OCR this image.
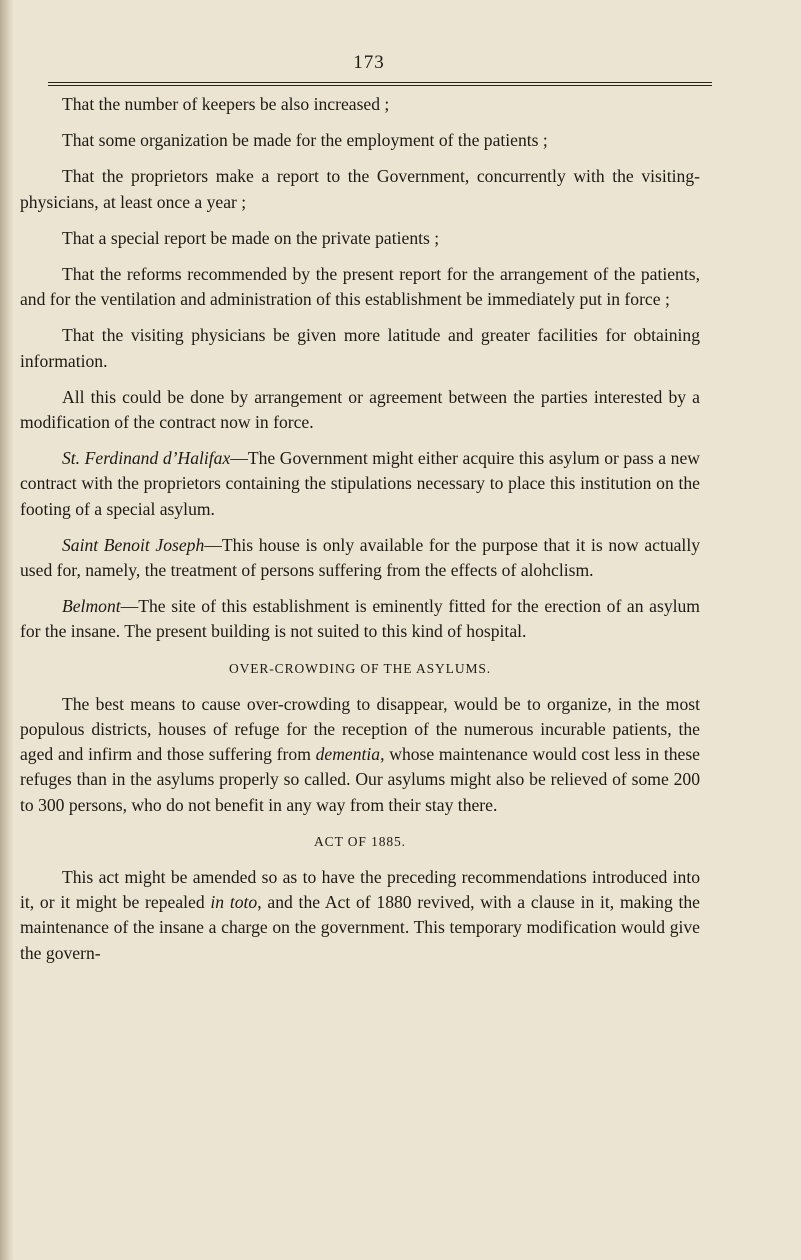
173

That the number of keepers be also increased ;

That some organization be made for the employment of the patients ;

That the proprietors make a report to the Government, concurrently with the visiting-physicians, at least once a year ;

That a special report be made on the private patients ;

That the reforms recommended by the present report for the arrangement of the patients, and for the ventilation and administration of this establishment be immediately put in force ;

That the visiting physicians be given more latitude and greater facilities for obtaining information.

All this could be done by arrangement or agreement between the parties interested by a modification of the contract now in force.

St. Ferdinand d’Halifax—The Government might either acquire this asylum or pass a new contract with the proprietors containing the stipulations necessary to place this institution on the footing of a special asylum.

Saint Benoit Joseph—This house is only available for the purpose that it is now actually used for, namely, the treatment of persons suffering from the effects of alohclism.

Belmont—The site of this establishment is eminently fitted for the erection of an asylum for the insane. The present building is not suited to this kind of hospital.

OVER-CROWDING OF THE ASYLUMS.

The best means to cause over-crowding to disappear, would be to organize, in the most populous districts, houses of refuge for the reception of the numerous incurable patients, the aged and infirm and those suffering from dementia, whose maintenance would cost less in these refuges than in the asylums properly so called. Our asylums might also be relieved of some 200 to 300 persons, who do not benefit in any way from their stay there.

ACT OF 1885.

This act might be amended so as to have the preceding recommendations introduced into it, or it might be repealed in toto, and the Act of 1880 revived, with a clause in it, making the maintenance of the insane a charge on the government. This temporary modification would give the govern-
